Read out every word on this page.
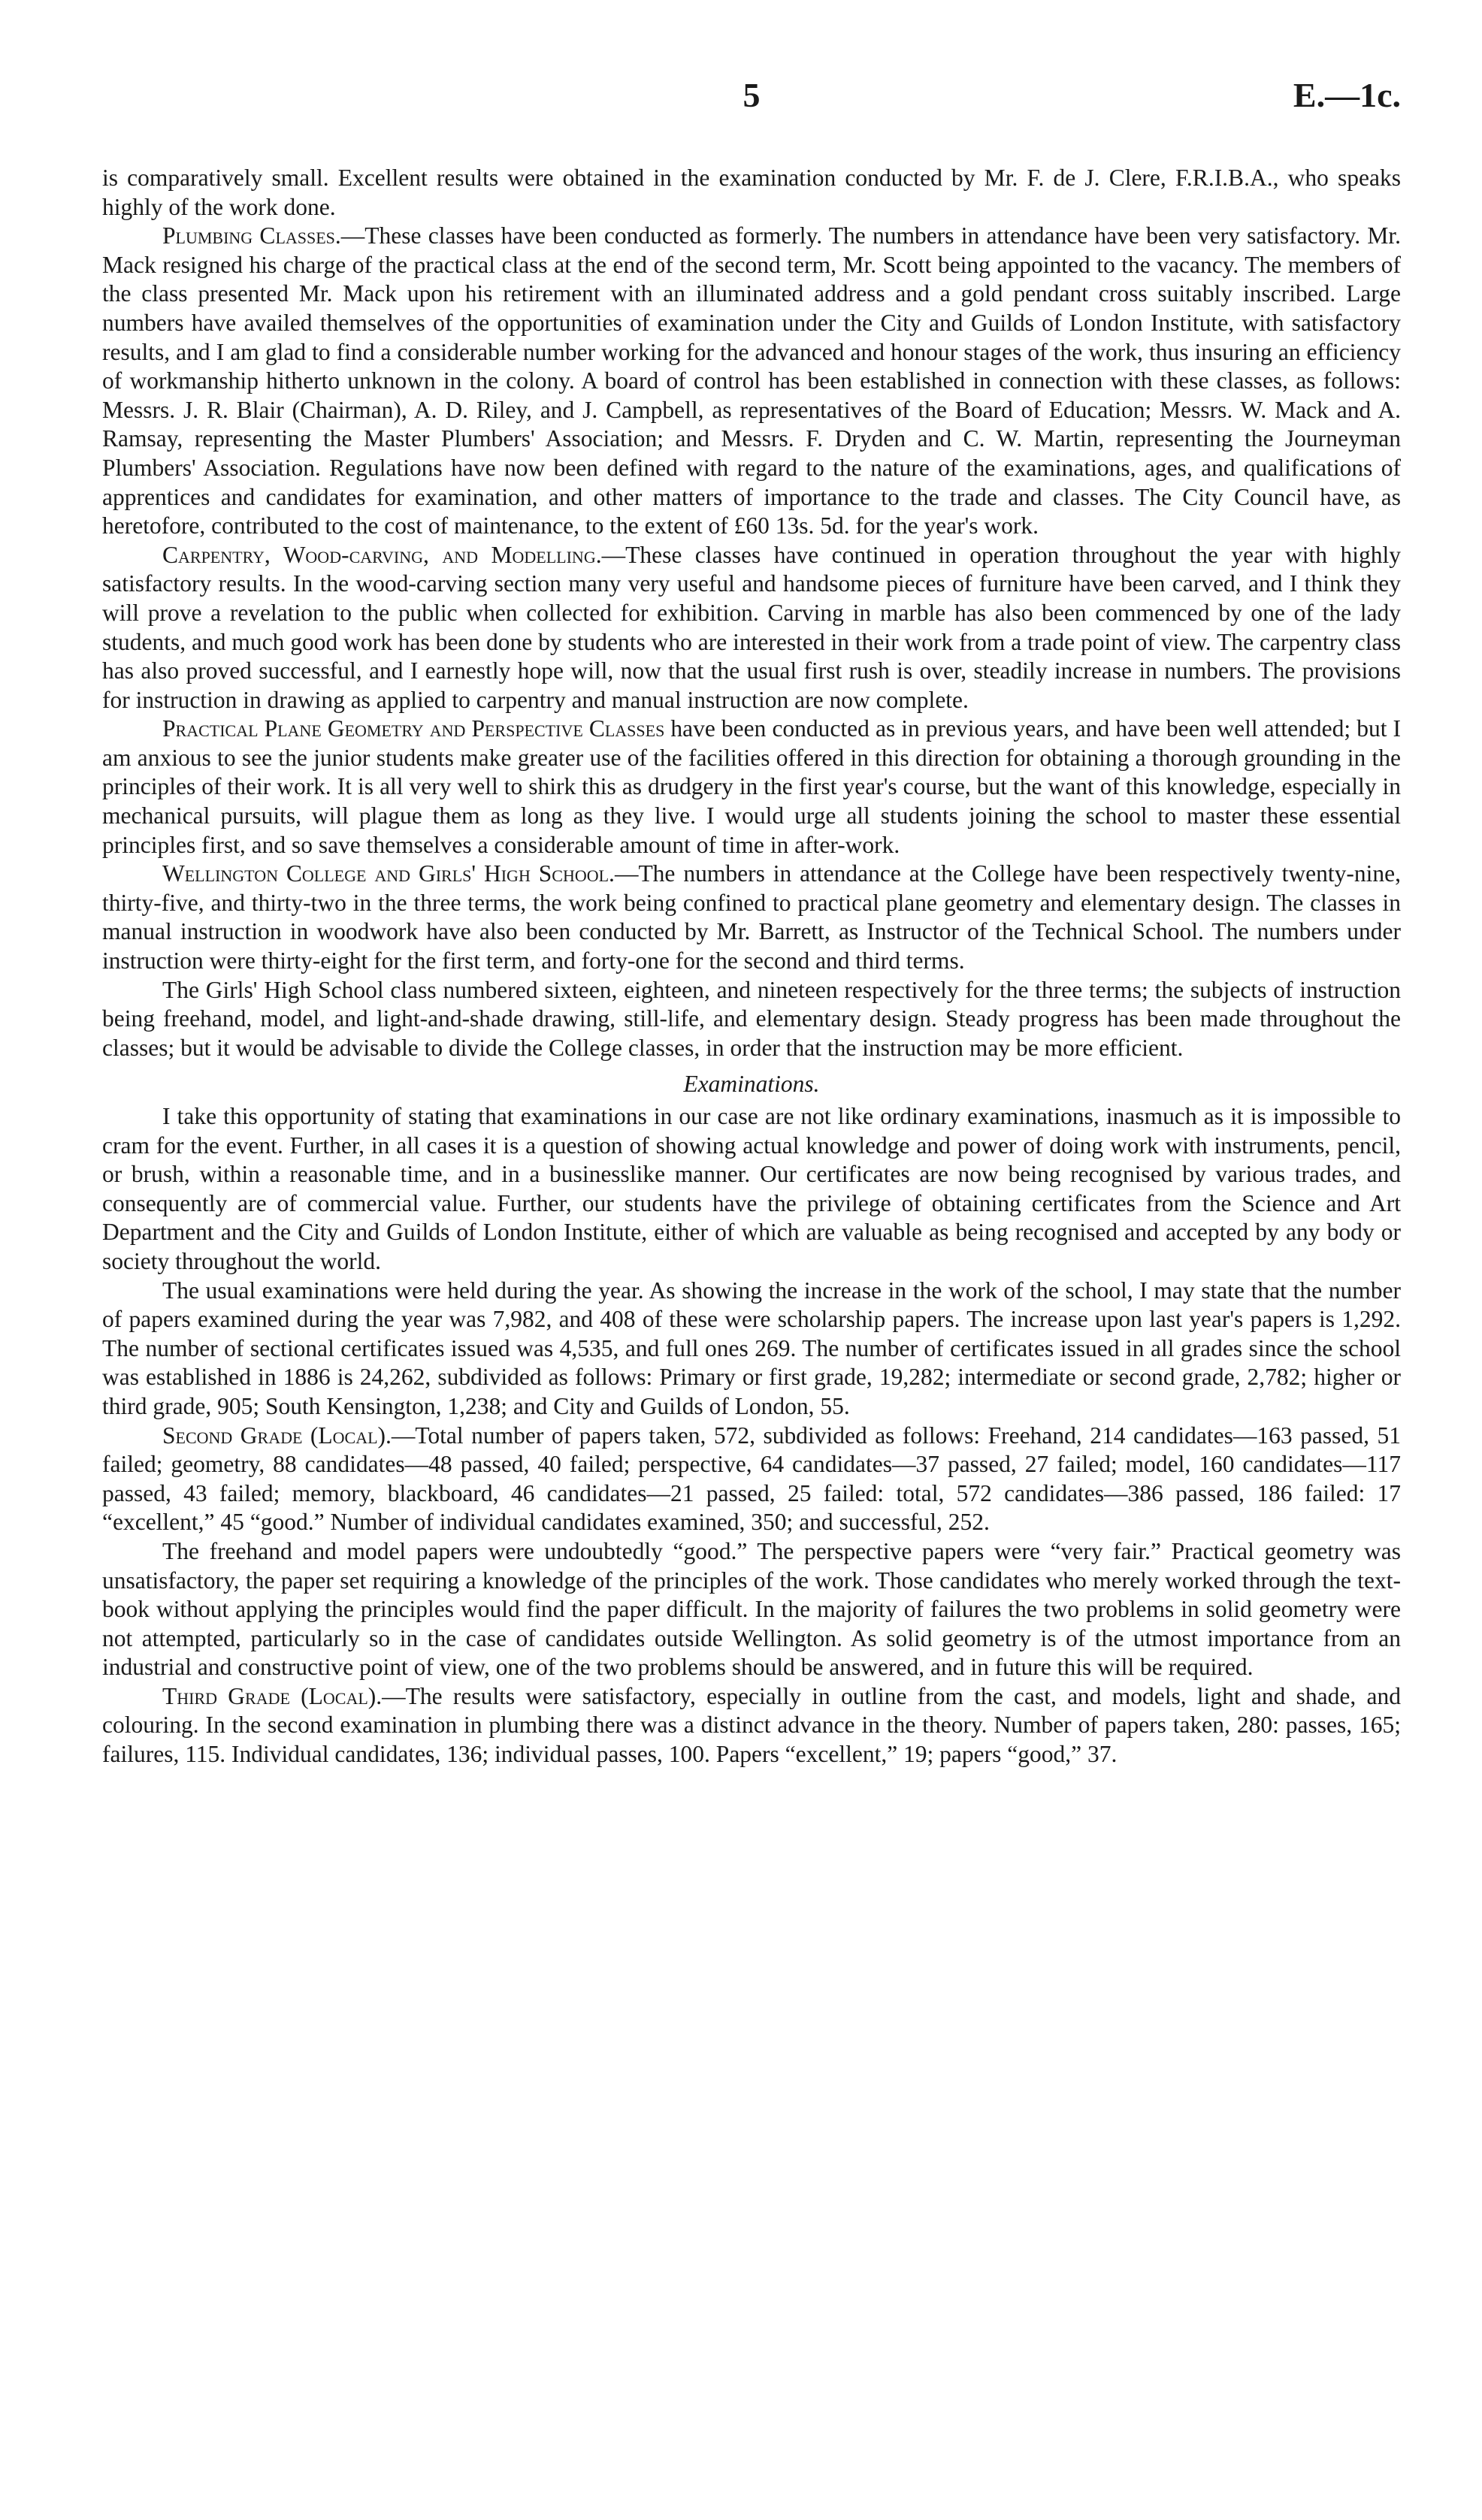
5	E.—1c.

is comparatively small. Excellent results were obtained in the examination conducted by Mr. F. de J. Clere, F.R.I.B.A., who speaks highly of the work done.

Plumbing Classes.—These classes have been conducted as formerly. The numbers in attendance have been very satisfactory. Mr. Mack resigned his charge of the practical class at the end of the second term, Mr. Scott being appointed to the vacancy. The members of the class presented Mr. Mack upon his retirement with an illuminated address and a gold pendant cross suitably inscribed. Large numbers have availed themselves of the opportunities of examination under the City and Guilds of London Institute, with satisfactory results, and I am glad to find a considerable number working for the advanced and honour stages of the work, thus insuring an efficiency of workmanship hitherto unknown in the colony. A board of control has been established in connection with these classes, as follows: Messrs. J. R. Blair (Chairman), A. D. Riley, and J. Campbell, as representatives of the Board of Education; Messrs. W. Mack and A. Ramsay, representing the Master Plumbers' Association; and Messrs. F. Dryden and C. W. Martin, representing the Journeyman Plumbers' Association. Regulations have now been defined with regard to the nature of the examinations, ages, and qualifications of apprentices and candidates for examination, and other matters of importance to the trade and classes. The City Council have, as heretofore, contributed to the cost of maintenance, to the extent of £60 13s. 5d. for the year's work.

Carpentry, Wood-carving, and Modelling.—These classes have continued in operation throughout the year with highly satisfactory results. In the wood-carving section many very useful and handsome pieces of furniture have been carved, and I think they will prove a revelation to the public when collected for exhibition. Carving in marble has also been commenced by one of the lady students, and much good work has been done by students who are interested in their work from a trade point of view. The carpentry class has also proved successful, and I earnestly hope will, now that the usual first rush is over, steadily increase in numbers. The provisions for instruction in drawing as applied to carpentry and manual instruction are now complete.

Practical Plane Geometry and Perspective Classes have been conducted as in previous years, and have been well attended; but I am anxious to see the junior students make greater use of the facilities offered in this direction for obtaining a thorough grounding in the principles of their work. It is all very well to shirk this as drudgery in the first year's course, but the want of this knowledge, especially in mechanical pursuits, will plague them as long as they live. I would urge all students joining the school to master these essential principles first, and so save themselves a considerable amount of time in after-work.

Wellington College and Girls' High School.—The numbers in attendance at the College have been respectively twenty-nine, thirty-five, and thirty-two in the three terms, the work being confined to practical plane geometry and elementary design. The classes in manual instruction in woodwork have also been conducted by Mr. Barrett, as Instructor of the Technical School. The numbers under instruction were thirty-eight for the first term, and forty-one for the second and third terms.

The Girls' High School class numbered sixteen, eighteen, and nineteen respectively for the three terms; the subjects of instruction being freehand, model, and light-and-shade drawing, still-life, and elementary design. Steady progress has been made throughout the classes; but it would be advisable to divide the College classes, in order that the instruction may be more efficient.

Examinations.

I take this opportunity of stating that examinations in our case are not like ordinary examinations, inasmuch as it is impossible to cram for the event. Further, in all cases it is a question of showing actual knowledge and power of doing work with instruments, pencil, or brush, within a reasonable time, and in a businesslike manner. Our certificates are now being recognised by various trades, and consequently are of commercial value. Further, our students have the privilege of obtaining certificates from the Science and Art Department and the City and Guilds of London Institute, either of which are valuable as being recognised and accepted by any body or society throughout the world.

The usual examinations were held during the year. As showing the increase in the work of the school, I may state that the number of papers examined during the year was 7,982, and 408 of these were scholarship papers. The increase upon last year's papers is 1,292. The number of sectional certificates issued was 4,535, and full ones 269. The number of certificates issued in all grades since the school was established in 1886 is 24,262, subdivided as follows: Primary or first grade, 19,282; intermediate or second grade, 2,782; higher or third grade, 905; South Kensington, 1,238; and City and Guilds of London, 55.

Second Grade (Local).—Total number of papers taken, 572, subdivided as follows: Freehand, 214 candidates—163 passed, 51 failed; geometry, 88 candidates—48 passed, 40 failed; perspective, 64 candidates—37 passed, 27 failed; model, 160 candidates—117 passed, 43 failed; memory, blackboard, 46 candidates—21 passed, 25 failed: total, 572 candidates—386 passed, 186 failed: 17 “excellent,” 45 “good.” Number of individual candidates examined, 350; and successful, 252.

The freehand and model papers were undoubtedly “good.” The perspective papers were “very fair.” Practical geometry was unsatisfactory, the paper set requiring a knowledge of the principles of the work. Those candidates who merely worked through the text-book without applying the principles would find the paper difficult. In the majority of failures the two problems in solid geometry were not attempted, particularly so in the case of candidates outside Wellington. As solid geometry is of the utmost importance from an industrial and constructive point of view, one of the two problems should be answered, and in future this will be required.

Third Grade (Local).—The results were satisfactory, especially in outline from the cast, and models, light and shade, and colouring. In the second examination in plumbing there was a distinct advance in the theory. Number of papers taken, 280: passes, 165; failures, 115. Individual candidates, 136; individual passes, 100. Papers “excellent,” 19; papers “good,” 37.
